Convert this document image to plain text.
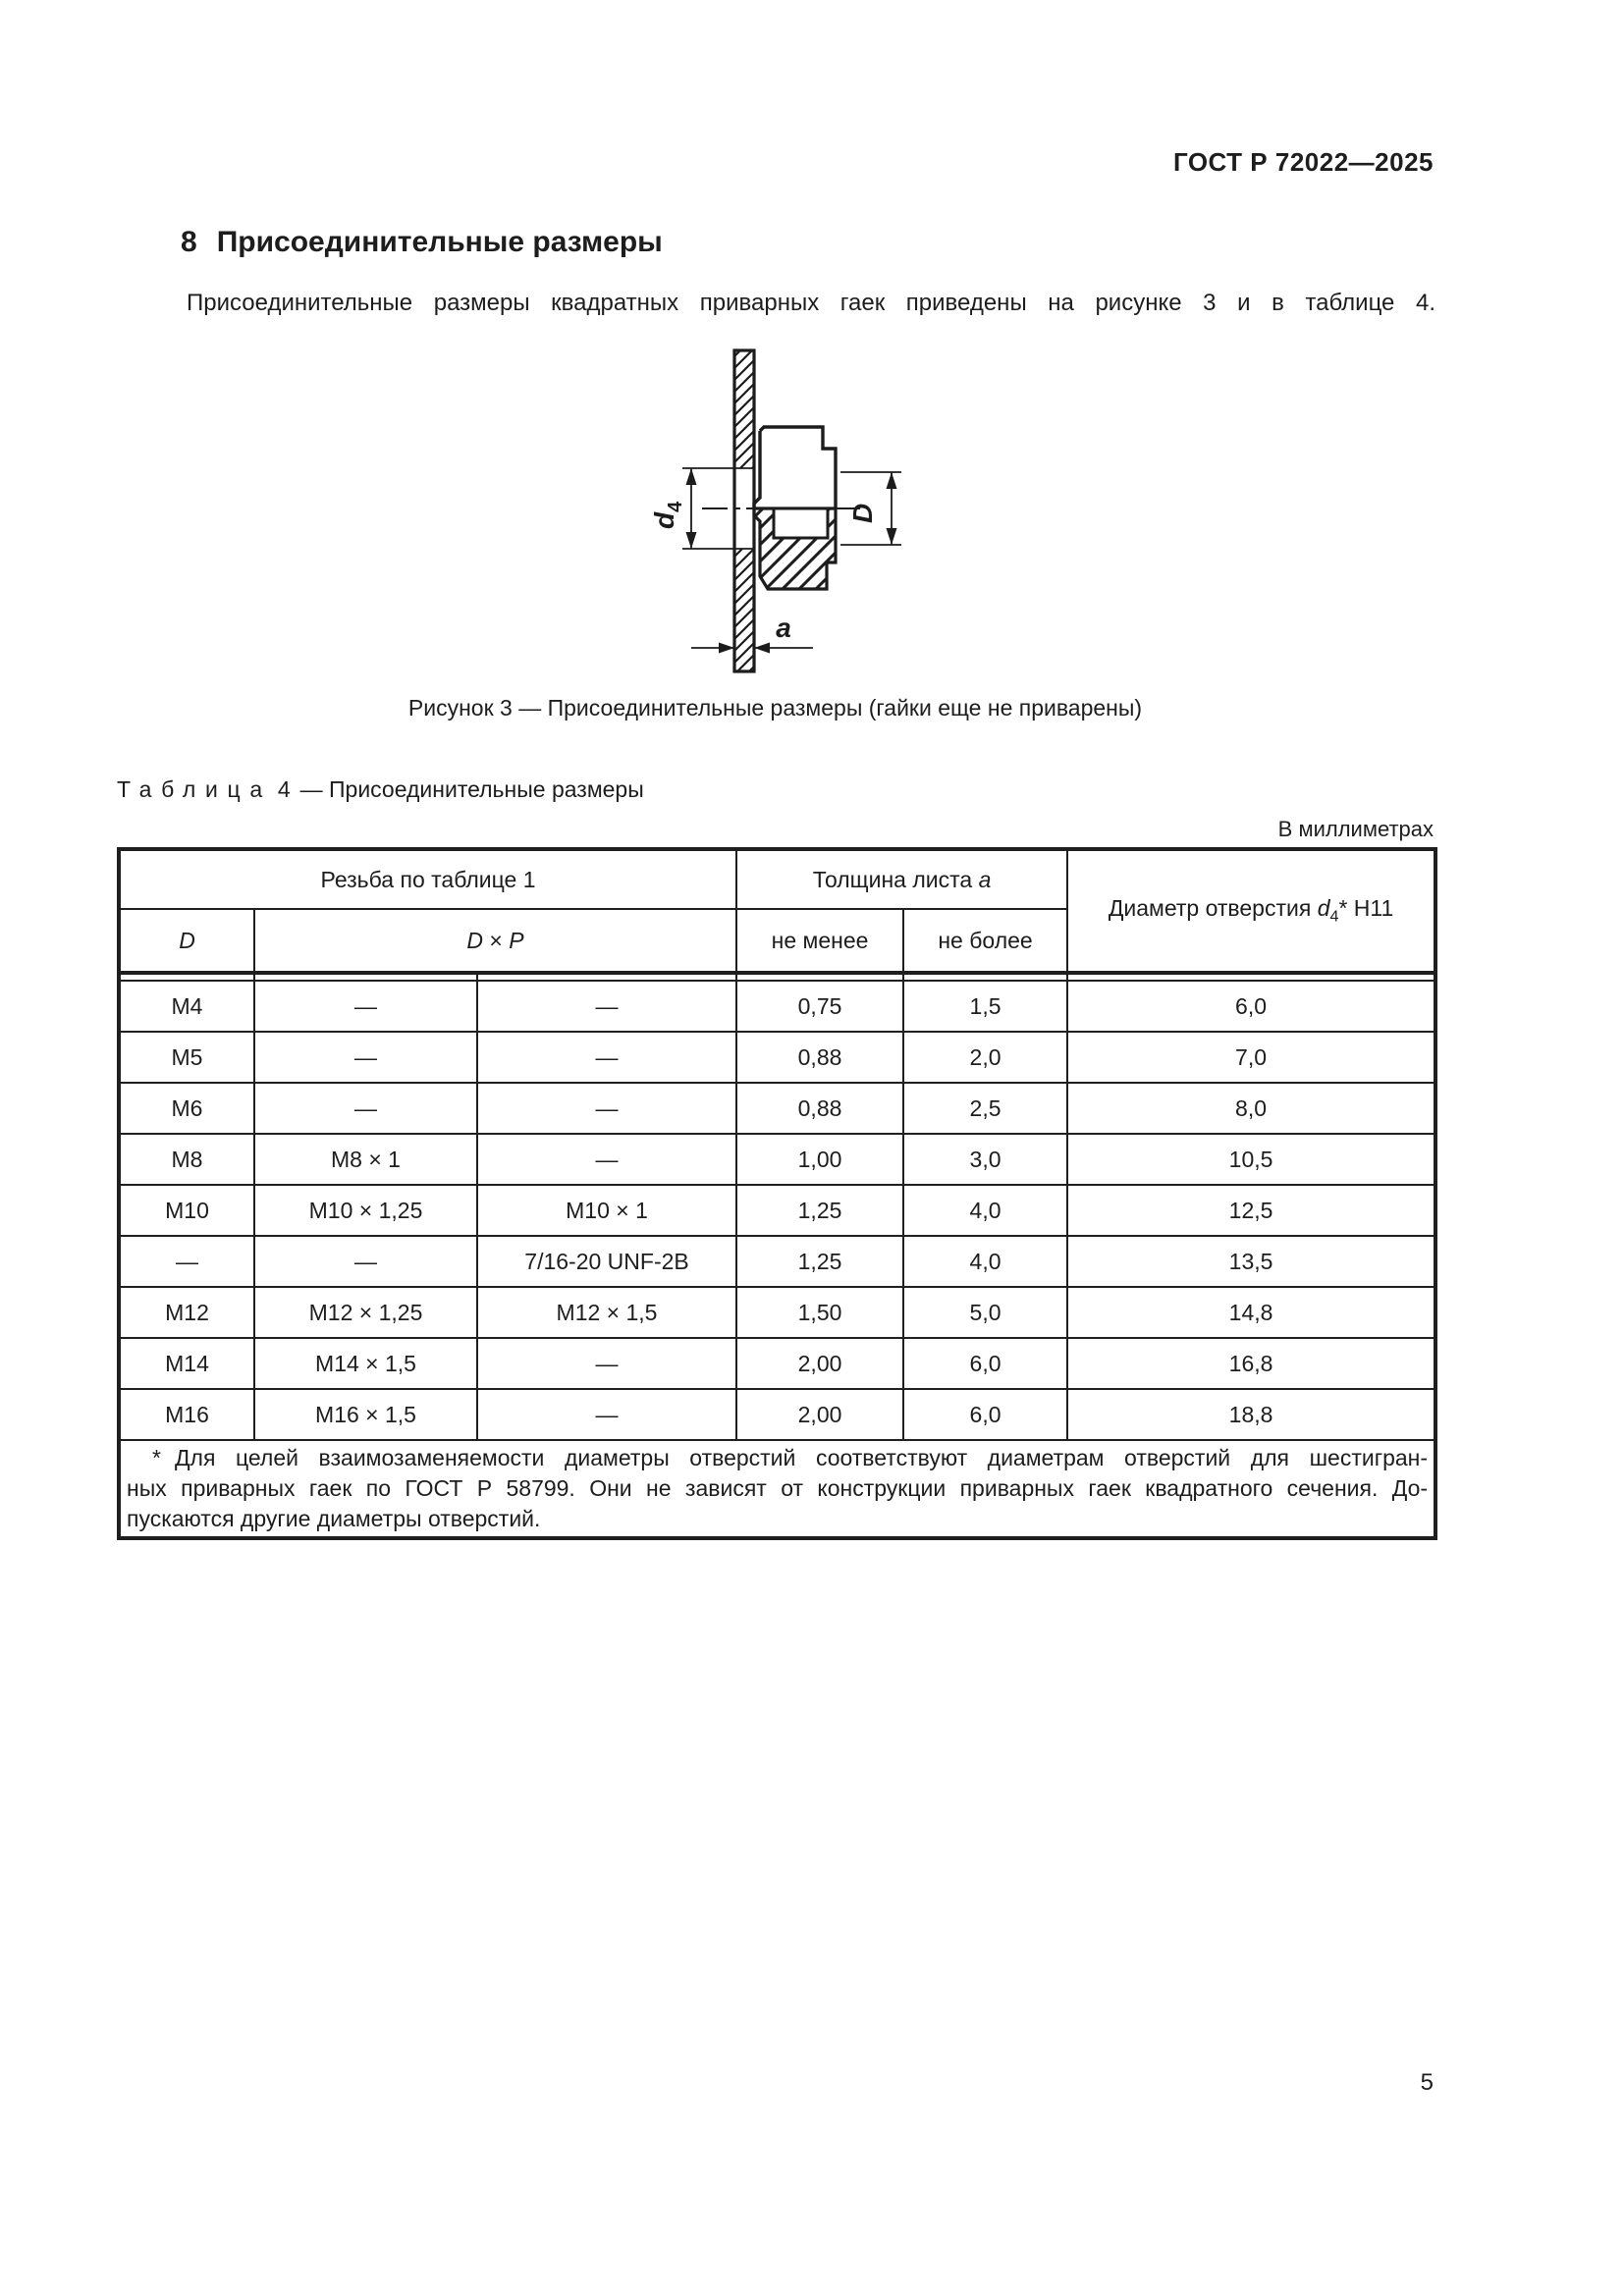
ГОСТ Р 72022—2025
8 Присоединительные размеры

Присоединительные размеры квадратных приварных гаек приведены на рисунке 3 и в таблице 4.

$d_4$	D
a
Рисунок 3 — Присоединительные размеры (гайки еще не приварены)
Таблица 4 — Присоединительные размеры
В миллиметрах
Резьба по таблице 1			Толщина листа a		Диаметр отверстия $d_4*$ Н11
D	D × P				
			не менее	не более	

M4	—	—	0,75	1,5	6,0
M5	—	—	0,88	2,0	7,0
M6	—	—	0,88	2,5	8,0
M8	M8 × 1	—	1,00	3,0	10,5
M10	M10 × 1,25	M10 × 1	1,25	4,0	12,5
—	—	7/16-20 UNF-2B	1,25	4,0	13,5
M12	M12 × 1,25	M12 × 1,5	1,50	5,0	14,8
M14	M14 × 1,5	—	2,00	6,0	16,8
M16	M16 × 1,5	—	2,00	6,0	18,8

* Для целей взаимозаменяемости диаметры отверстий соответствуют диаметрам отверстий для шестигран-
ных приварных гаек по ГОСТ Р 58799. Они не зависят от конструкции приварных гаек квадратного сечения. До-
пускаются другие диаметры отверстий.					
5
